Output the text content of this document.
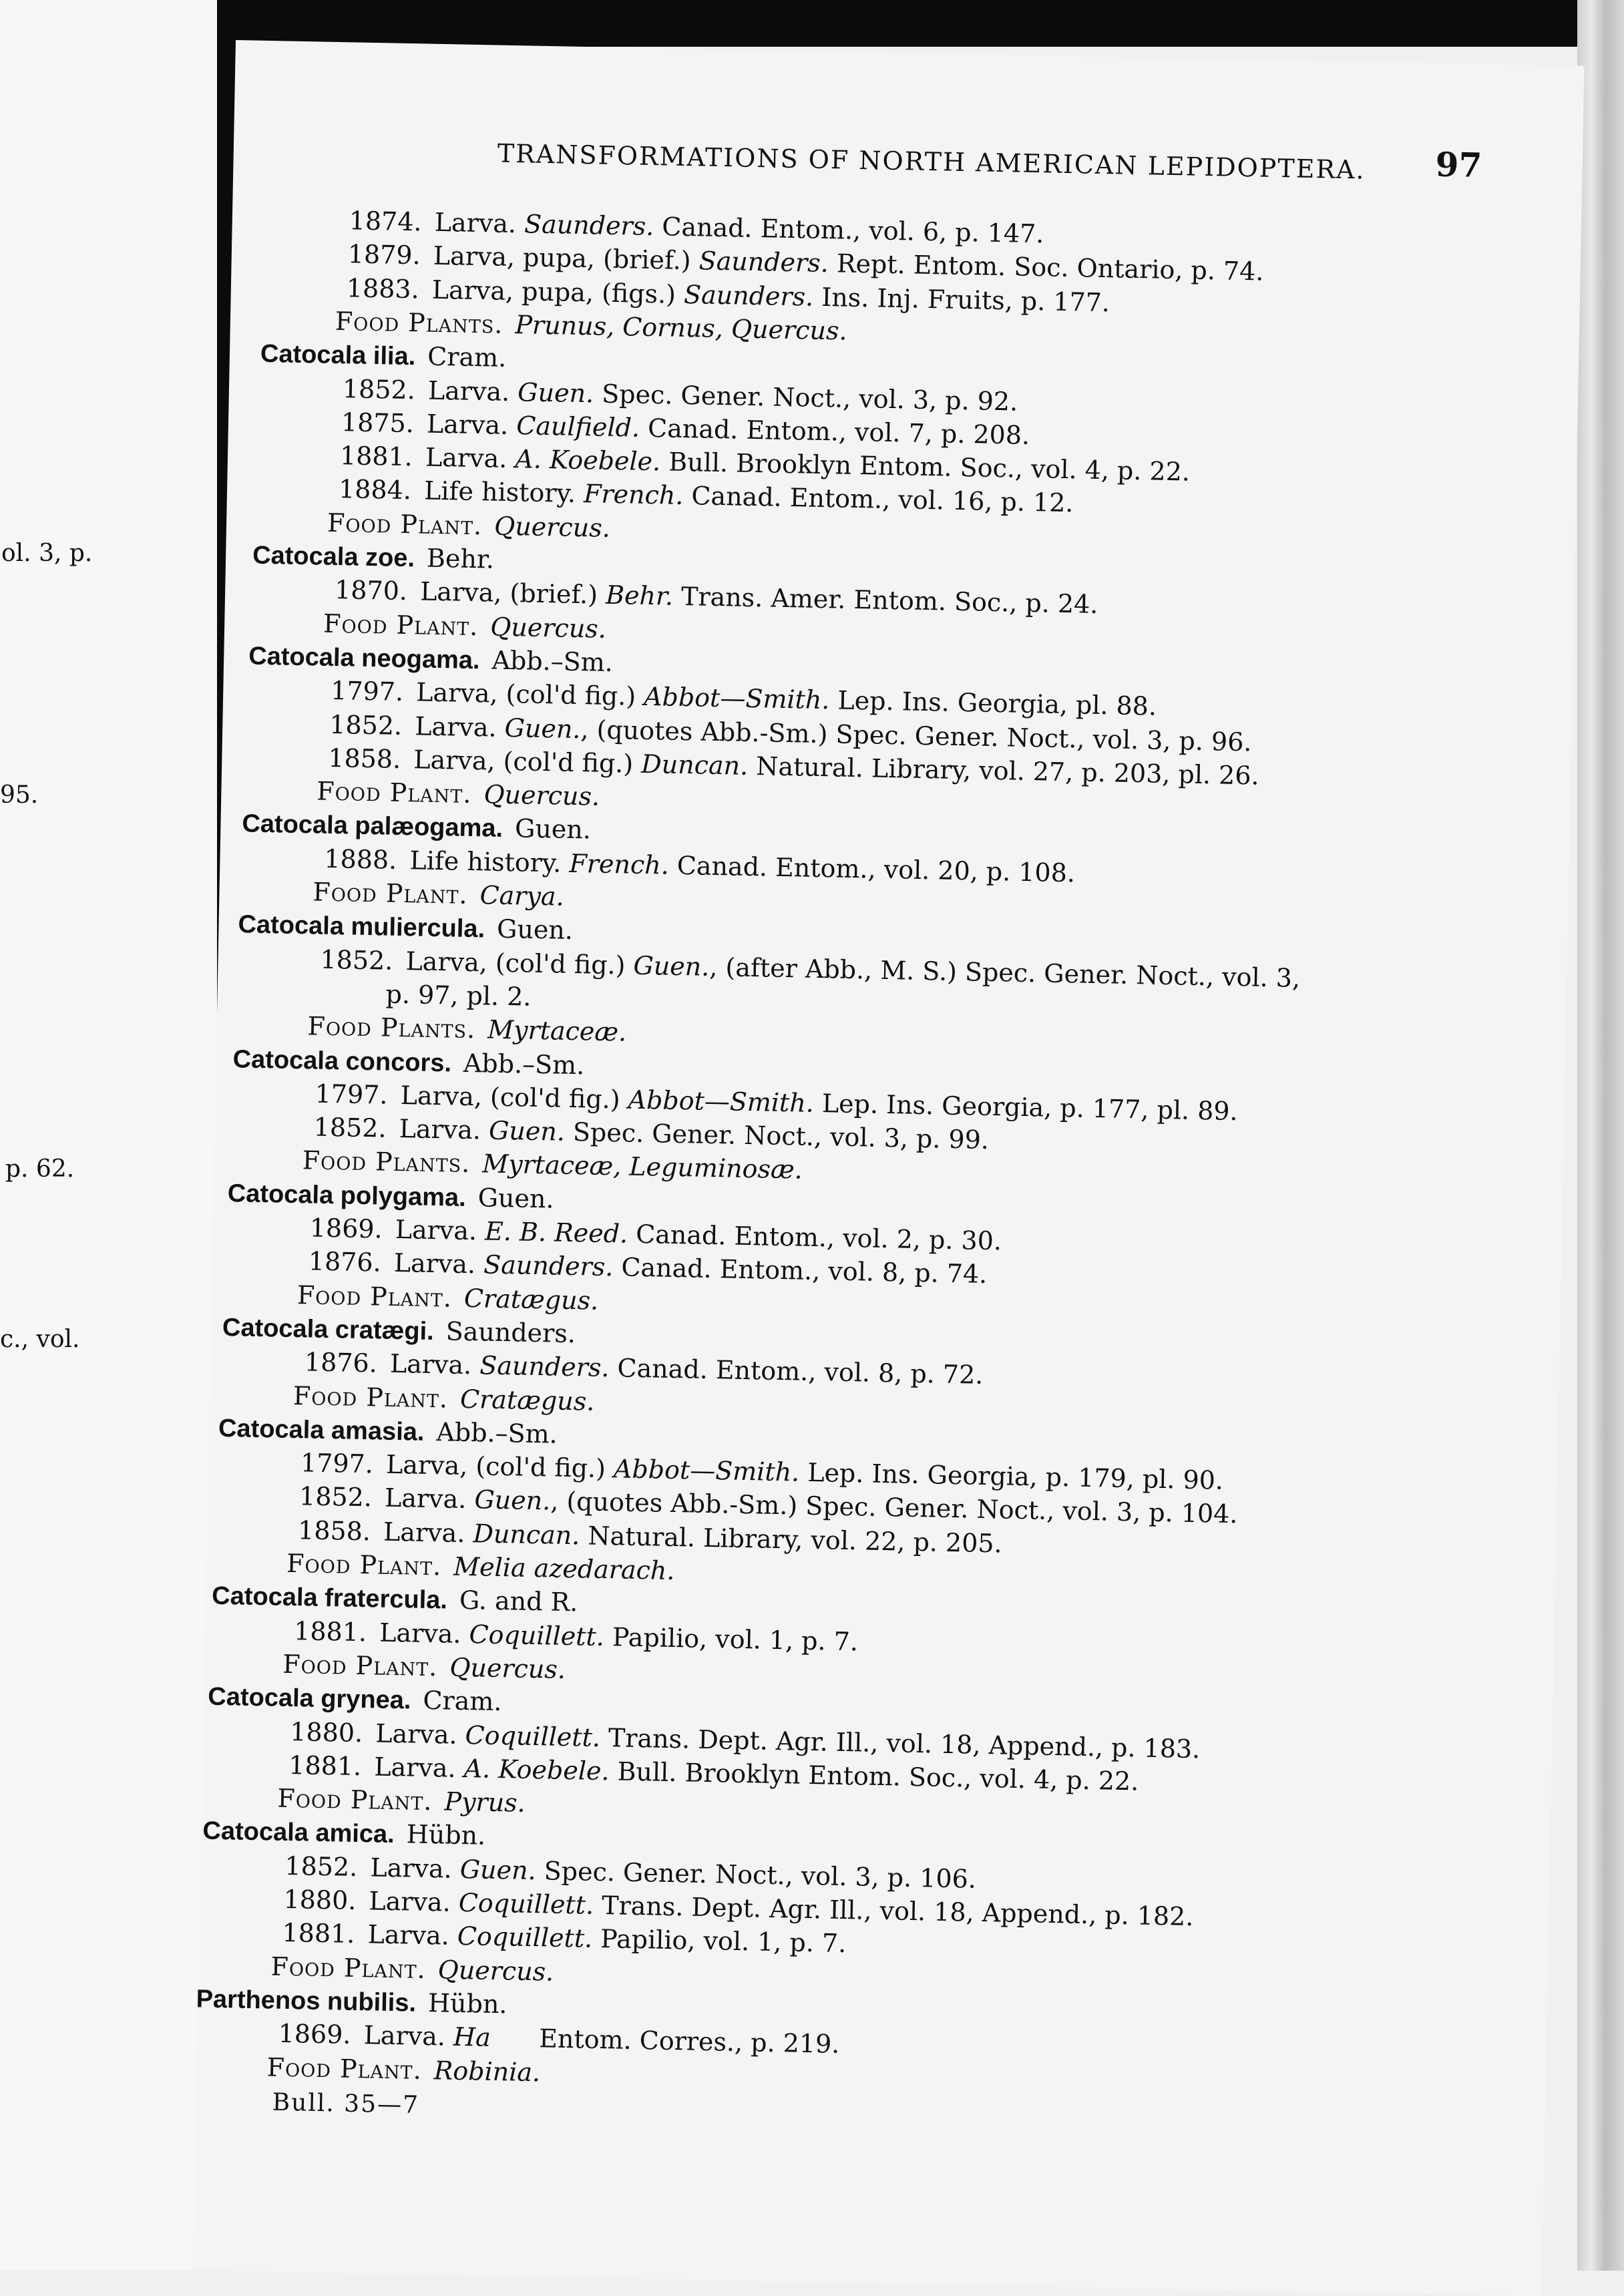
ol. 3, p.
95.
p. 62.
c., vol.
TRANSFORMATIONS OF NORTH AMERICAN LEPIDOPTERA. 97
1874. Larva. Saunders. Canad. Entom., vol. 6, p. 147.
1879. Larva, pupa, (brief.) Saunders. Rept. Entom. Soc. Ontario, p. 74.
1883. Larva, pupa, (figs.) Saunders. Ins. Inj. Fruits, p. 177.
Food Plants. Prunus, Cornus, Quercus.
Catocala ilia. Cram.
1852. Larva. Guen. Spec. Gener. Noct., vol. 3, p. 92.
1875. Larva. Caulfield. Canad. Entom., vol. 7, p. 208.
1881. Larva. A. Koebele. Bull. Brooklyn Entom. Soc., vol. 4, p. 22.
1884. Life history. French. Canad. Entom., vol. 16, p. 12.
Food Plant. Quercus.
Catocala zoe. Behr.
1870. Larva, (brief.) Behr. Trans. Amer. Entom. Soc., p. 24.
Food Plant. Quercus.
Catocala neogama. Abb.–Sm.
1797. Larva, (col'd fig.) Abbot—Smith. Lep. Ins. Georgia, pl. 88.
1852. Larva. Guen., (quotes Abb.-Sm.) Spec. Gener. Noct., vol. 3, p. 96.
1858. Larva, (col'd fig.) Duncan. Natural. Library, vol. 27, p. 203, pl. 26.
Food Plant. Quercus.
Catocala palæogama. Guen.
1888. Life history. French. Canad. Entom., vol. 20, p. 108.
Food Plant. Carya.
Catocala muliercula. Guen.
1852. Larva, (col'd fig.) Guen., (after Abb., M. S.) Spec. Gener. Noct., vol. 3,
p. 97, pl. 2.
Food Plants. Myrtaceæ.
Catocala concors. Abb.–Sm.
1797. Larva, (col'd fig.) Abbot—Smith. Lep. Ins. Georgia, p. 177, pl. 89.
1852. Larva. Guen. Spec. Gener. Noct., vol. 3, p. 99.
Food Plants. Myrtaceæ, Leguminosæ.
Catocala polygama. Guen.
1869. Larva. E. B. Reed. Canad. Entom., vol. 2, p. 30.
1876. Larva. Saunders. Canad. Entom., vol. 8, p. 74.
Food Plant. Cratægus.
Catocala cratægi. Saunders.
1876. Larva. Saunders. Canad. Entom., vol. 8, p. 72.
Food Plant. Cratægus.
Catocala amasia. Abb.–Sm.
1797. Larva, (col'd fig.) Abbot—Smith. Lep. Ins. Georgia, p. 179, pl. 90.
1852. Larva. Guen., (quotes Abb.-Sm.) Spec. Gener. Noct., vol. 3, p. 104.
1858. Larva. Duncan. Natural. Library, vol. 22, p. 205.
Food Plant. Melia azedarach.
Catocala fratercula. G. and R.
1881. Larva. Coquillett. Papilio, vol. 1, p. 7.
Food Plant. Quercus.
Catocala grynea. Cram.
1880. Larva. Coquillett. Trans. Dept. Agr. Ill., vol. 18, Append., p. 183.
1881. Larva. A. Koebele. Bull. Brooklyn Entom. Soc., vol. 4, p. 22.
Food Plant. Pyrus.
Catocala amica. Hübn.
1852. Larva. Guen. Spec. Gener. Noct., vol. 3, p. 106.
1880. Larva. Coquillett. Trans. Dept. Agr. Ill., vol. 18, Append., p. 182.
1881. Larva. Coquillett. Papilio, vol. 1, p. 7.
Food Plant. Quercus.
Parthenos nubilis. Hübn.
1869. Larva. Ha      Entom. Corres., p. 219.
Food Plant. Robinia.
Bull. 35—7
